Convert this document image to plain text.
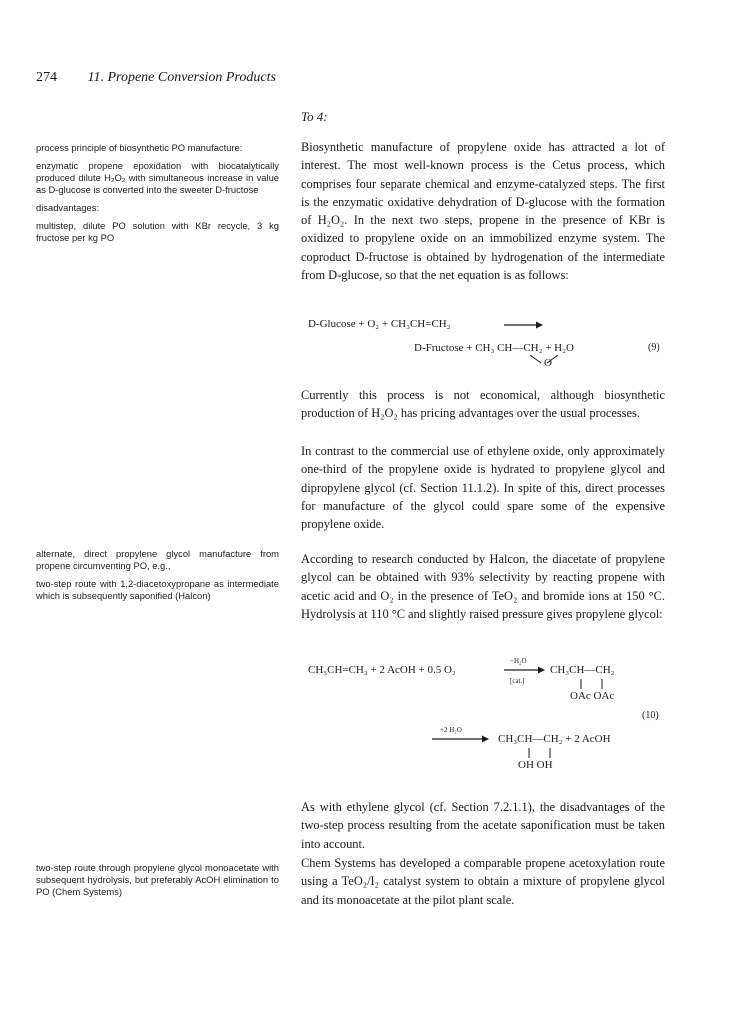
274 11. Propene Conversion Products
To 4:

process principle of biosynthetic PO manufacture:

enzymatic propene epoxidation with biocatalytically produced dilute H₂O₂ with simultaneous increase in value as D-glucose is converted into the sweeter D-fructose

disadvantages:

multistep, dilute PO solution with KBr recycle, 3 kg fructose per kg PO

alternate, direct propylene glycol manufacture from propene circumventing PO, e.g.,

two-step route with 1,2-diacetoxypropane as intermediate which is subsequently saponified (Halcon)

two-step route through propylene glycol monoacetate with subsequent hydrolysis, but preferably AcOH elimination to PO (Chem Systems)

Biosynthetic manufacture of propylene oxide has attracted a lot of interest. The most well-known process is the Cetus process, which comprises four separate chemical and enzyme-catalyzed steps. The first is the enzymatic oxidative dehydration of D-glucose with the formation of H₂O₂. In the next two steps, propene in the presence of KBr is oxidized to propylene oxide on an immobilized enzyme system. The coproduct D-fructose is obtained by hydrogenation of the intermediate from D-glucose, so that the net equation is as follows:

D-Glucose + O₂ + CH₃CH=CH₂
D-Fructose + CH₃ CH—CH₂ + H₂O
O
(9)

Currently this process is not economical, although biosynthetic production of H₂O₂ has pricing advantages over the usual processes.

In contrast to the commercial use of ethylene oxide, only approximately one-third of the propylene oxide is hydrated to propylene glycol and dipropylene glycol (cf. Section 11.1.2). In spite of this, direct processes for manufacture of the glycol could spare some of the expensive propylene oxide.

According to research conducted by Halcon, the diacetate of propylene glycol can be obtained with 93% selectivity by reacting propene with acetic acid and O₂ in the presence of TeO₂ and bromide ions at 150 °C. Hydrolysis at 110 °C and slightly raised pressure gives propylene glycol:

CH₃CH=CH₂ + 2 AcOH + 0.5 O₂
−H₂O
[cat.]
CH₃CH—CH₂
OAc OAc
(10)
+2 H₂O
→ CH₃CH—CH₂ + 2 AcOH
OH OH

As with ethylene glycol (cf. Section 7.2.1.1), the disadvantages of the two-step process resulting from the acetate saponification must be taken into account.

Chem Systems has developed a comparable propene acetoxylation route using a TeO₂/I₂ catalyst system to obtain a mixture of propylene glycol and its monoacetate at the pilot plant scale.
